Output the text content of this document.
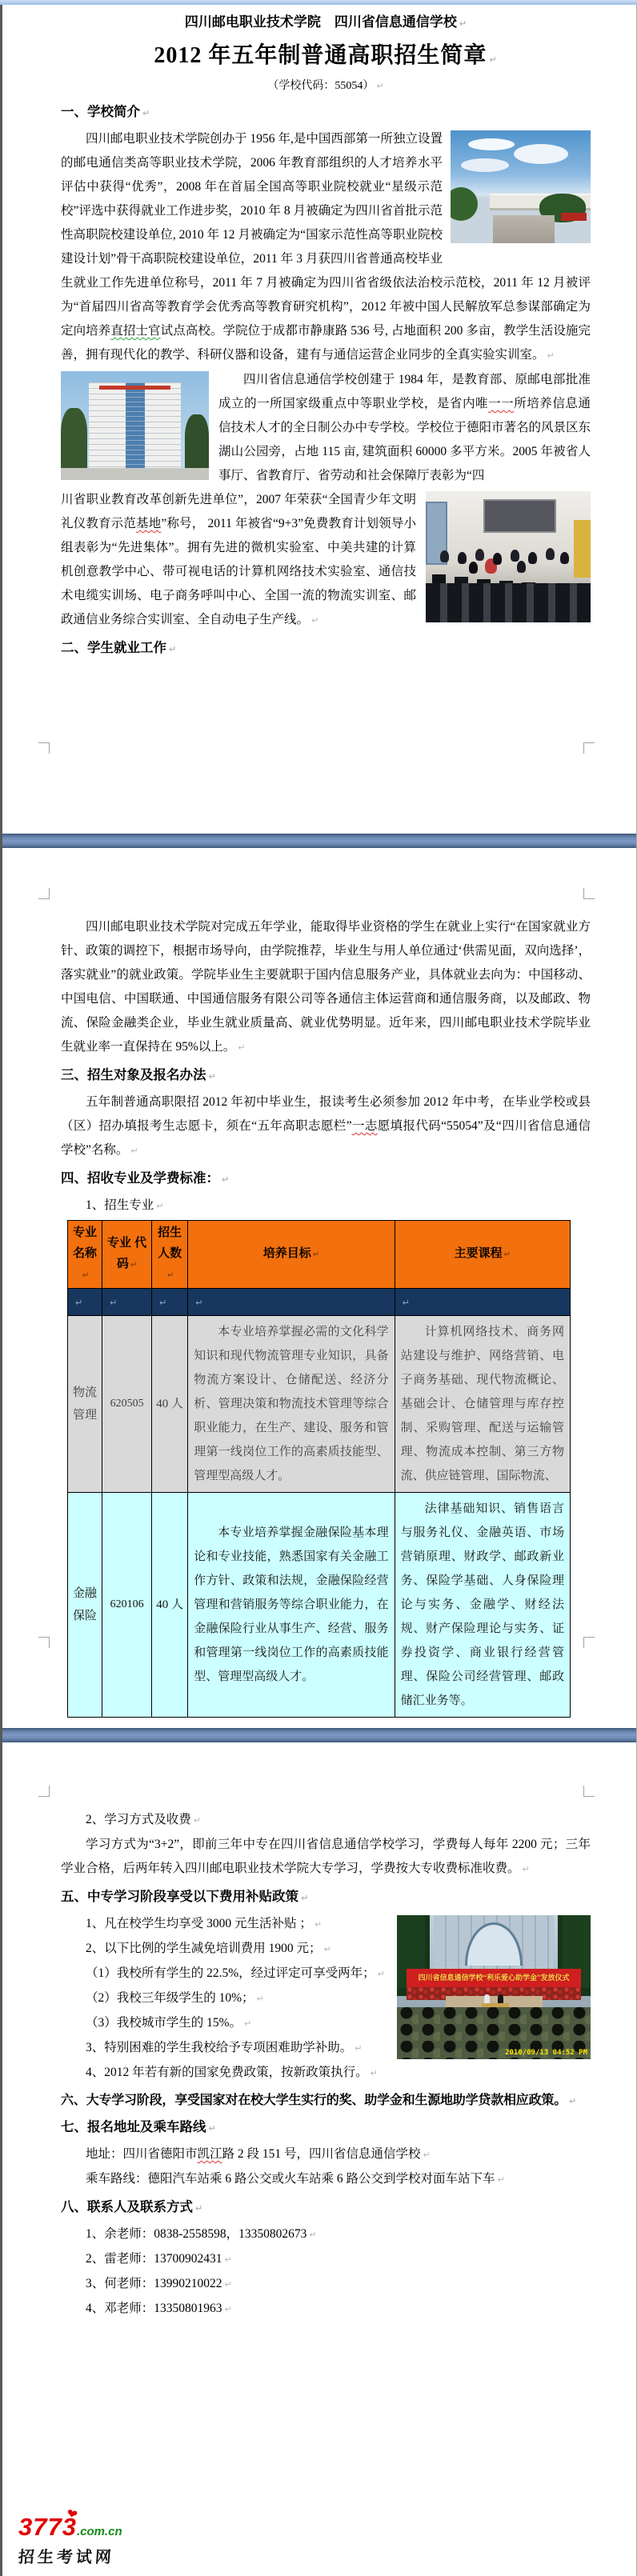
四川邮电职业技术学院　四川省信息通信学校 ↵

2012 年五年制普通高职招生简章 ↵

（学校代码：55054） ↵

一、学校简介 ↵

四川邮电职业技术学院创办于 1956 年,是中国西部第一所独立设置的邮电通信类高等职业技术学院，2006 年教育部组织的人才培养水平评估中获得“优秀”，2008 年在首届全国高等职业院校就业“星级示范校”评选中获得就业工作进步奖，2010 年 8 月被确定为四川省首批示范性高职院校建设单位, 2010 年 12 月被确定为“国家示范性高等职业院校建设计划”骨干高职院校建设单位，2011 年 3 月获四川省普通高校毕业生就业工作先进单位称号，2011 年 7 月被确定为四川省省级依法治校示范校，2011 年 12 月被评为“首届四川省高等教育学会优秀高等教育研究机构”，2012 年被中国人民解放军总参谋部确定为定向培养直招士官试点高校。学院位于成都市静康路 536 号, 占地面积 200 多亩，教学生活设施完善，拥有现代化的教学、科研仪器和设备，建有与通信运营企业同步的全真实验实训室。 ↵

四川省信息通信学校创建于 1984 年，是教育部、原邮电部批准成立的一所国家级重点中等职业学校，是省内唯一一所培养信息通信技术人才的全日制公办中专学校。学校位于德阳市著名的风景区东湖山公园旁，占地 115 亩, 建筑面积 60000 多平方米。2005 年被省人事厅、省教育厅、省劳动和社会保障厅表彰为“四

川省职业教育改革创新先进单位”，2007 年荣获“全国青少年文明礼仪教育示范基地”称号， 2011 年被省“9+3”免费教育计划领导小组表彰为“先进集体”。拥有先进的微机实验室、中美共建的计算机创意教学中心、带可视电话的计算机网络技术实验室、通信技术电缆实训场、电子商务呼叫中心、全国一流的物流实训室、邮政通信业务综合实训室、全自动电子生产线。 ↵

二、学生就业工作 ↵

四川邮电职业技术学院对完成五年学业，能取得毕业资格的学生在就业上实行“在国家就业方针、政策的调控下，根据市场导向，由学院推荐，毕业生与用人单位通过‘供需见面，双向选择’，落实就业”的就业政策。学院毕业生主要就职于国内信息服务产业，具体就业去向为：中国移动、中国电信、中国联通、中国通信服务有限公司等各通信主体运营商和通信服务商，以及邮政、物流、保险金融类企业，毕业生就业质量高、就业优势明显。近年来，四川邮电职业技术学院毕业生就业率一直保持在 95%以上。 ↵

三、招生对象及报名办法 ↵

五年制普通高职限招 2012 年初中毕业生，报读考生必须参加 2012 年中考，在毕业学校或县（区）招办填报考生志愿卡，须在“五年高职志愿栏”一志愿填报代码“55054”及“四川省信息通信学校”名称。 ↵

四、招收专业及学费标准： ↵

1、招生专业 ↵

专业 名称 ↵	专业 代码 ↵	招生 人数 ↵	培养目标 ↵	主要课程 ↵
↵	↵	↵	↵	↵
物流 管理	620505	40 人	本专业培养掌握必需的文化科学知识和现代物流管理专业知识，具备物流方案设计、仓储配送、经济分析、管理决策和物流技术管理等综合职业能力，在生产、建设、服务和管理第一线岗位工作的高素质技能型、管理型高级人才。	计算机网络技术、商务网站建设与维护、网络营销、电子商务基础、现代物流概论、基础会计、仓储管理与库存控制、采购管理、配送与运输管理、物流成本控制、第三方物流、供应链管理、国际物流、

金融 保险	620106	40 人	本专业培养掌握金融保险基本理论和专业技能，熟悉国家有关金融工作方针、政策和法规，金融保险经营管理和营销服务等综合职业能力，在金融保险行业从事生产、经营、服务和管理第一线岗位工作的高素质技能型、管理型高级人才。	法律基础知识、销售语言与服务礼仪、金融英语、市场营销原理、财政学、邮政新业务、保险学基础、人身保险理论与实务、金融学、财经法规、财产保险理论与实务、证券投资学、商业银行经营管理、保险公司经营管理、邮政储汇业务等。

2、学习方式及收费 ↵

学习方式为“3+2”，即前三年中专在四川省信息通信学校学习，学费每人每年 2200 元；三年学业合格，后两年转入四川邮电职业技术学院大专学习，学费按大专收费标准收费。 ↵

五、中专学习阶段享受以下费用补贴政策 ↵
四川省信息通信学校“利乐爱心助学金”发放仪式
2010/09/13 04:52 PM

1、凡在校学生均享受 3000 元生活补贴 ； ↵

2、以下比例的学生减免培训费用 1900 元； ↵

（1）我校所有学生的 22.5%，经过评定可享受两年； ↵

（2）我校三年级学生的 10%； ↵

（3）我校城市学生的 15%。 ↵

3、特别困难的学生我校给予专项困难助学补助。 ↵

4、2012 年若有新的国家免费政策，按新政策执行。 ↵

六、大专学习阶段，享受国家对在校大学生实行的奖、助学金和生源地助学贷款相应政策。 ↵
七、报名地址及乘车路线 ↵

地址：四川省德阳市凯江路 2 段 151 号，四川省信息通信学校 ↵

乘车路线：德阳汽车站乘 6 路公交或火车站乘 6 路公交到学校对面车站下车 ↵

八、联系人及联系方式 ↵

1、余老师：0838-2558598，13350802673 ↵

2、雷老师：13700902431 ↵

3、何老师：13990210022 ↵

4、邓老师：13350801963 ↵

3773.com.cn
❤
招生考试网
